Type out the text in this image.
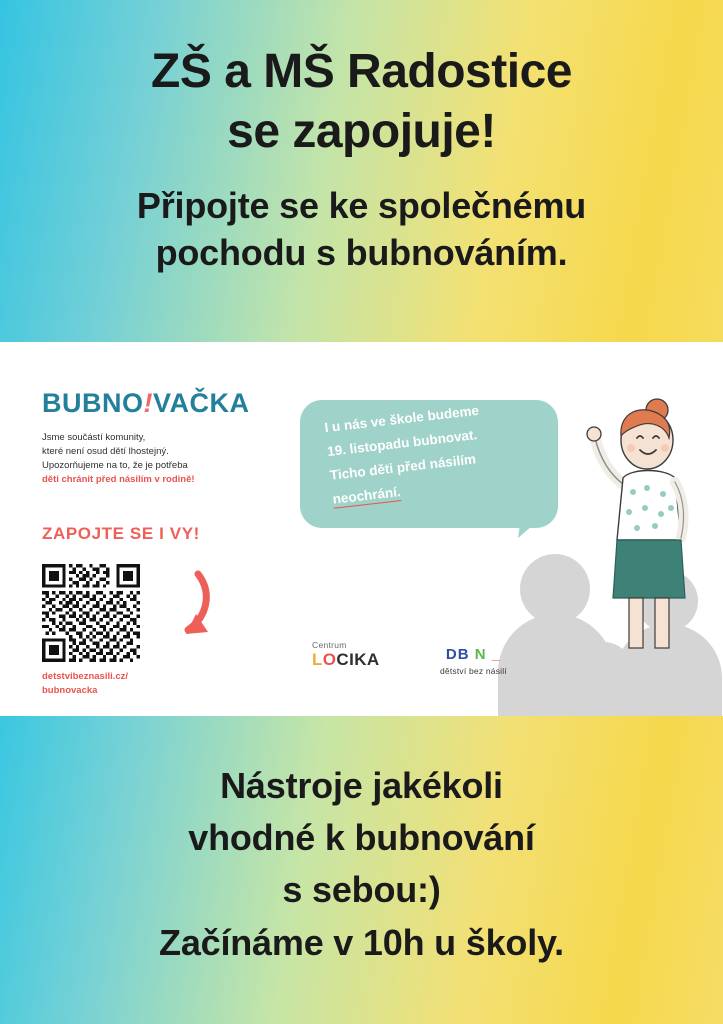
ZŠ a MŠ Radostice
se zapojuje!
Připojte se ke společnému
pochodu s bubnováním.
BUBNO!VAČKA
Jsme součástí komunity,
které není osud dětí lhostejný.
Upozorňujeme na to, že je potřeba
děti chránit před násilím v rodině!
ZAPOJTE SE I VY!
detstvibeznasili.cz/
bubnovacka
I u nás ve škole budeme
19. listopadu bubnovat.
Ticho děti před násilím
neochrání.
Centrum
LOCIKA	DB N _
dětství bez násilí
Nástroje jakékoli
vhodné k bubnování
s sebou:)
Začínáme v 10h u školy.
